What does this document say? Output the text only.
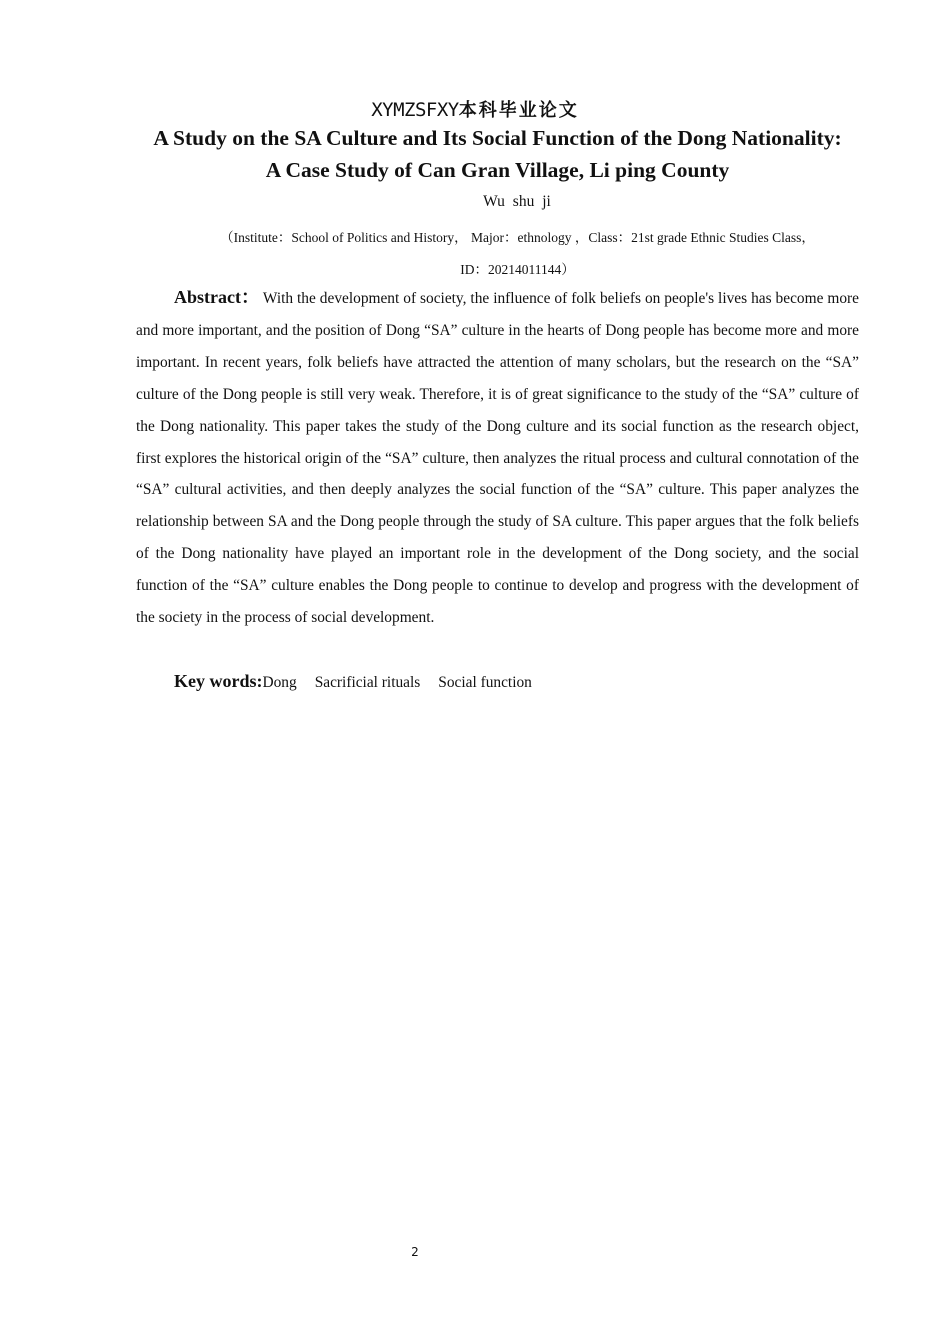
XYMZSFXY本科毕业论文
A Study on the SA Culture and Its Social Function of the Dong Nationality:
A Case Study of Can Gran Village, Li ping County
Wu shu ji
（Institute：School of Politics and History， Major：ethnology ，Class：21st grade Ethnic Studies Class，
ID：20214011144）

Abstract： With the development of society, the influence of folk beliefs on people's lives has become more and more important, and the position of Dong “SA” culture in the hearts of Dong people has become more and more important. In recent years, folk beliefs have attracted the attention of many scholars, but the research on the “SA” culture of the Dong people is still very weak. Therefore, it is of great significance to the study of the “SA” culture of the Dong nationality. This paper takes the study of the Dong culture and its social function as the research object, first explores the historical origin of the “SA” culture, then analyzes the ritual process and cultural connotation of the “SA” cultural activities, and then deeply analyzes the social function of the “SA” culture. This paper analyzes the relationship between SA and the Dong people through the study of SA culture. This paper argues that the folk beliefs of the Dong nationality have played an important role in the development of the Dong society, and the social function of the “SA” culture enables the Dong people to continue to develop and progress with the development of the society in the process of social development.

Key words:Dong Sacrificial rituals Social function
2
